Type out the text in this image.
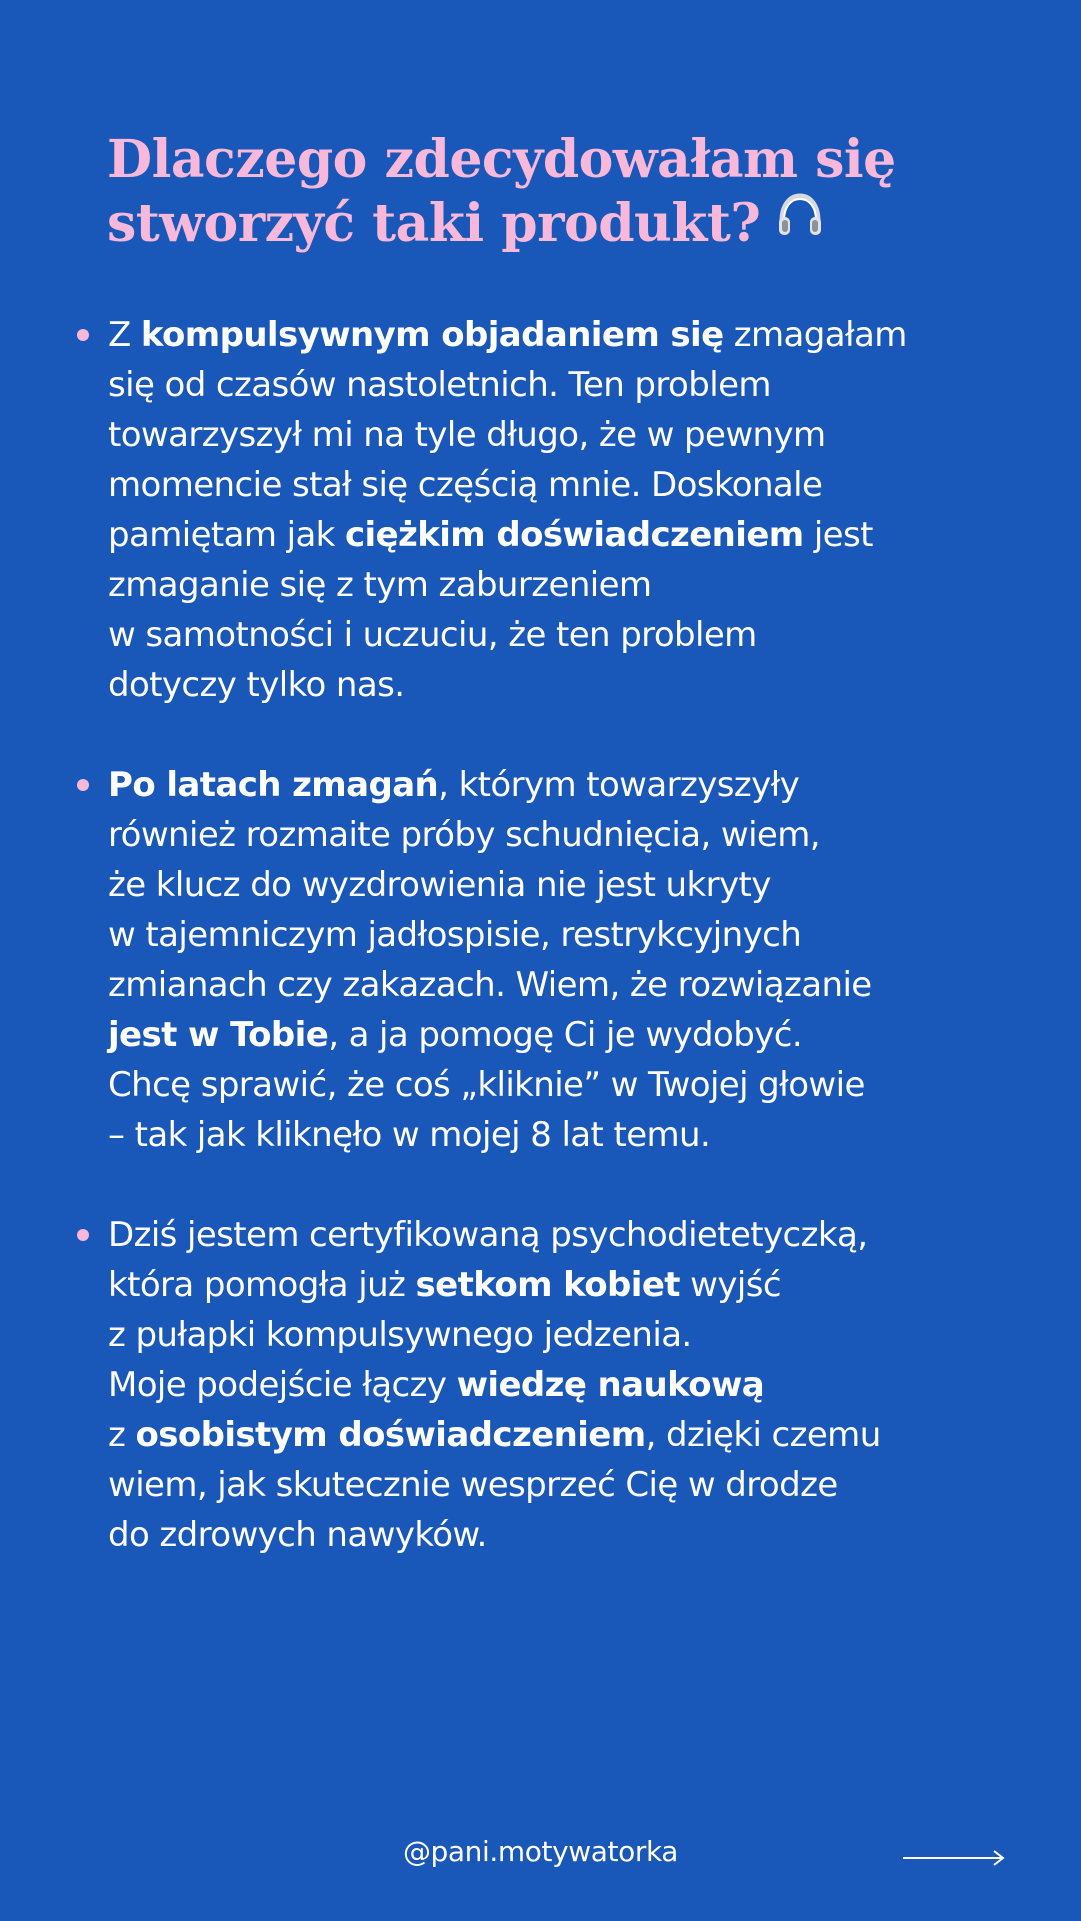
Dlaczego zdecydowałam się
stworzyć taki produkt?
Z kompulsywnym objadaniem się zmagałam
się od czasów nastoletnich. Ten problem
towarzyszył mi na tyle długo, że w pewnym
momencie stał się częścią mnie. Doskonale
pamiętam jak ciężkim doświadczeniem jest
zmaganie się z tym zaburzeniem
w samotności i uczuciu, że ten problem
dotyczy tylko nas.
Po latach zmagań, którym towarzyszyły
również rozmaite próby schudnięcia, wiem,
że klucz do wyzdrowienia nie jest ukryty
w tajemniczym jadłospisie, restrykcyjnych
zmianach czy zakazach. Wiem, że rozwiązanie
jest w Tobie, a ja pomogę Ci je wydobyć.
Chcę sprawić, że coś „kliknie” w Twojej głowie
– tak jak kliknęło w mojej 8 lat temu.
Dziś jestem certyfikowaną psychodietetyczką,
która pomogła już setkom kobiet wyjść
z pułapki kompulsywnego jedzenia.
Moje podejście łączy wiedzę naukową
z osobistym doświadczeniem, dzięki czemu
wiem, jak skutecznie wesprzeć Cię w drodze
do zdrowych nawyków.
@pani.motywatorka
